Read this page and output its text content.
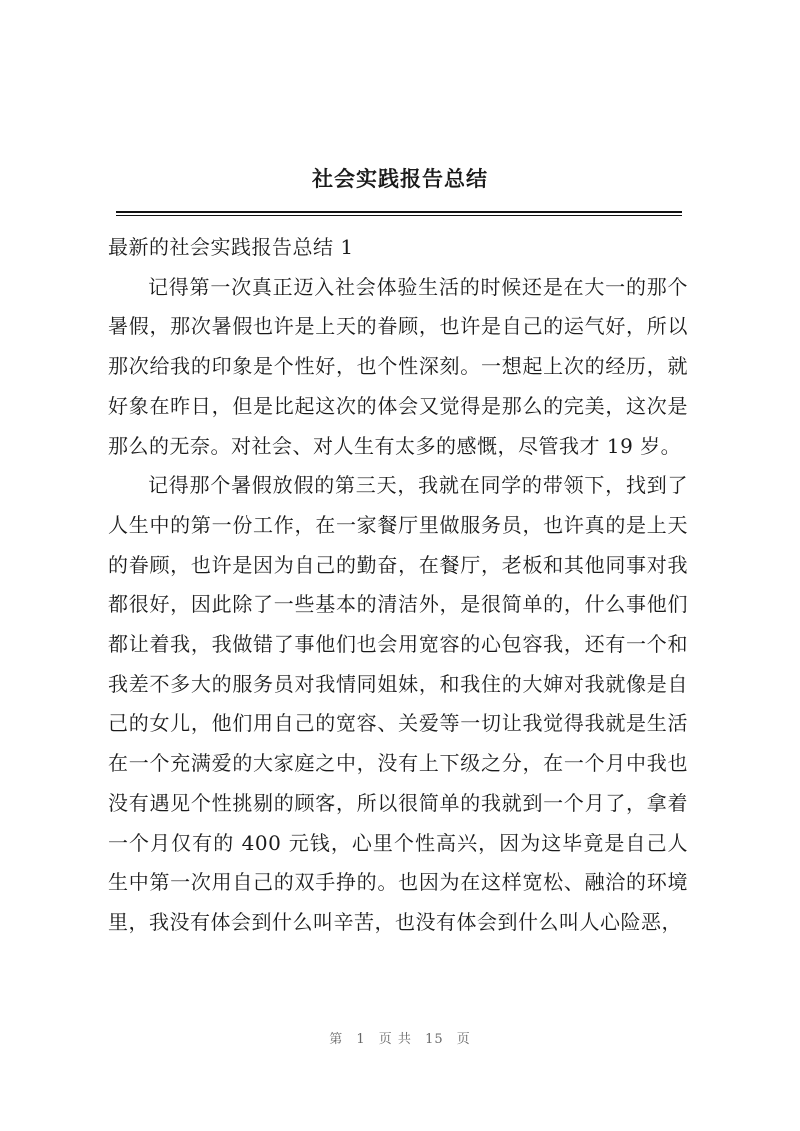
社会实践报告总结

最新的社会实践报告总结 1

记得第一次真正迈入社会体验生活的时候还是在大一的那个暑假，那次暑假也许是上天的眷顾，也许是自己的运气好，所以那次给我的印象是个性好，也个性深刻。一想起上次的经历，就好象在昨日，但是比起这次的体会又觉得是那么的完美，这次是那么的无奈。对社会、对人生有太多的感慨，尽管我才 19 岁。

记得那个暑假放假的第三天，我就在同学的带领下，找到了人生中的第一份工作，在一家餐厅里做服务员，也许真的是上天的眷顾，也许是因为自己的勤奋，在餐厅，老板和其他同事对我都很好，因此除了一些基本的清洁外，是很简单的，什么事他们都让着我，我做错了事他们也会用宽容的心包容我，还有一个和我差不多大的服务员对我情同姐妹，和我住的大婶对我就像是自己的女儿，他们用自己的宽容、关爱等一切让我觉得我就是生活在一个充满爱的大家庭之中，没有上下级之分，在一个月中我也没有遇见个性挑剔的顾客，所以很简单的我就到一个月了，拿着一个月仅有的 400 元钱，心里个性高兴，因为这毕竟是自己人生中第一次用自己的双手挣的。也因为在这样宽松、融洽的环境里，我没有体会到什么叫辛苦，也没有体会到什么叫人心险恶，

第 1 页 共 15 页
